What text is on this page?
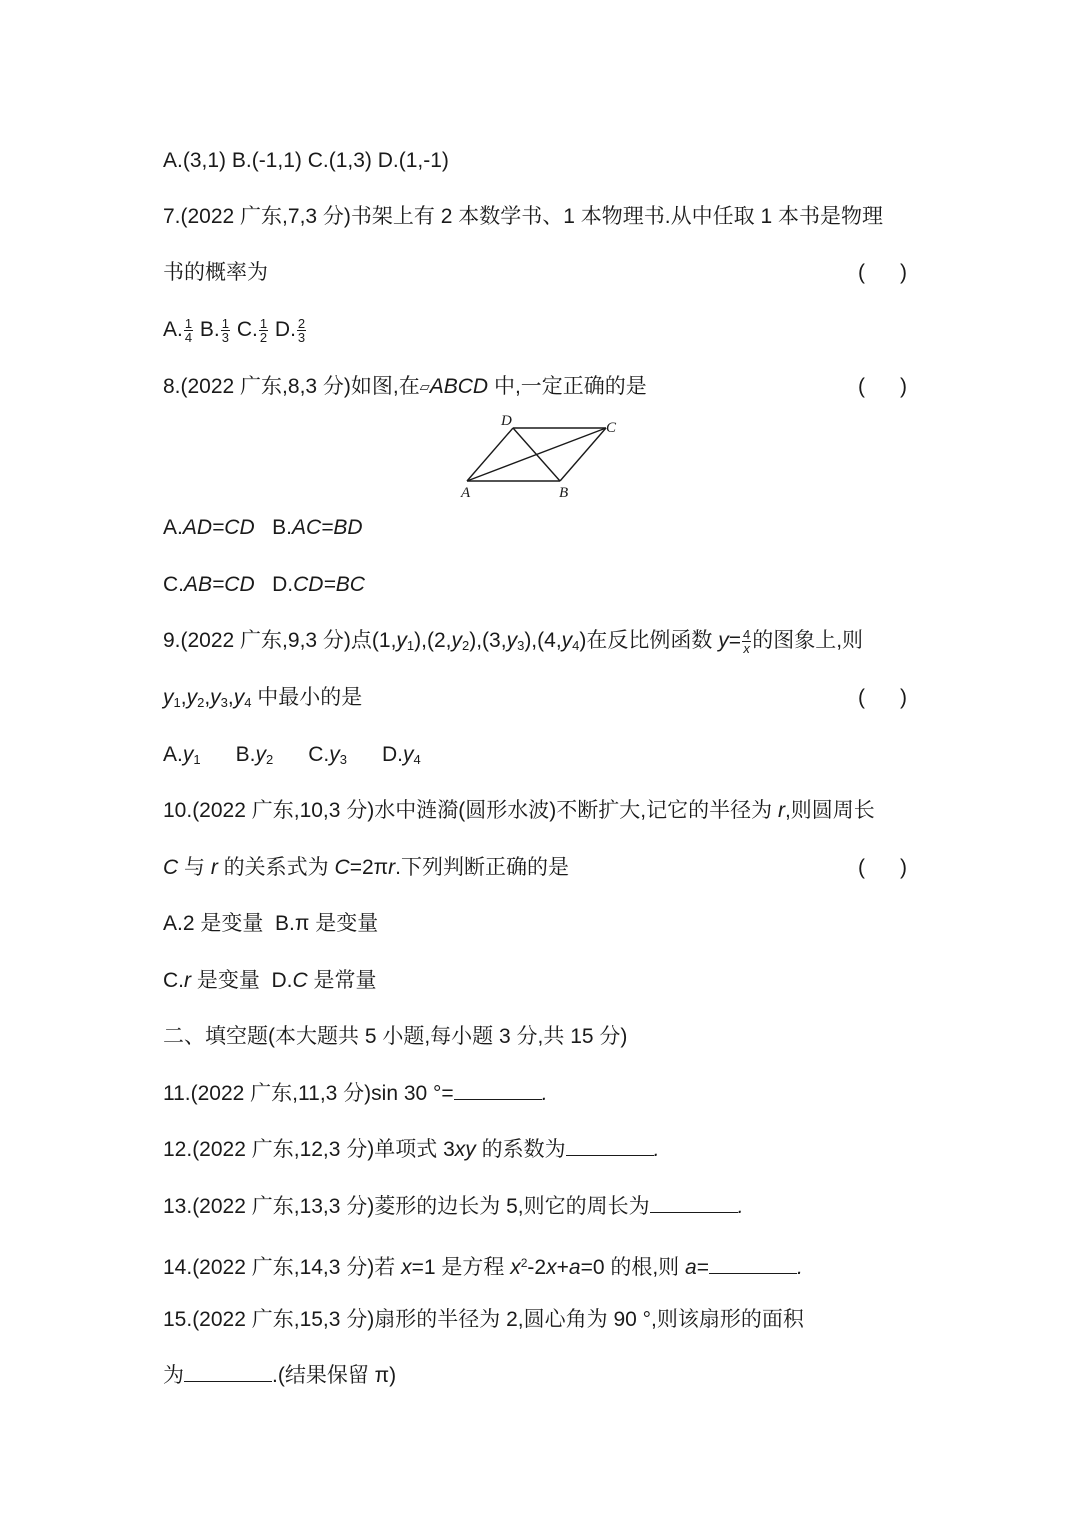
A.(3,1) B.(-1,1) C.(1,3) D.(1,-1)
7.(2022 广东,7,3 分)书架上有 2 本数学书、1 本物理书.从中任取 1 本书是物理
书的概率为	(      )
A. $\frac{1}{4} B$. $\frac{1}{3} C$. $\frac{1}{2} D$. $\frac{2}{3}$
8.(2022 广东,8,3 分)如图,在▱ABCD 中,一定正确的是	(      )
A	B
C
D
A.AD=CD B.AC=BD
C.AB=CD D.CD=BC
9.(2022 广东,9,3 分)点$(1,y_1),(2,y_2),(3,y_3),(4,y_4)$在反比例函数 $y= \frac{4}{x}$ 的图象上,则
$y_1,y_2,y_3,y_4$ 中最小的是	(      )
$A.y_1$ $B.y_2$ $C.y_3$ $D.y_4$
10.(2022 广东,10,3 分)水中涟漪(圆形水波)不断扩大,记它的半径为 r,则圆周长
C 与 r 的关系式为 C=2πr.下列判断正确的是	(      )
A.2 是变量 B.π 是变量
C.r 是变量 D.C 是常量
二、填空题(本大题共 5 小题,每小题 3 分,共 15 分)
11.(2022 广东,11,3 分)sin 30 °=	.
12.(2022 广东,12,3 分)单项式 3xy 的系数为	.
13.(2022 广东,13,3 分)菱形的边长为 5,则它的周长为	.
14.(2022 广东,14,3 分)若 x=1 是方程 $x^2-2x+a=0$ 的根,则 a=	.
15.(2022 广东,15,3 分)扇形的半径为 2,圆心角为 90 °,则该扇形的面积
为	.(结果保留 π)
